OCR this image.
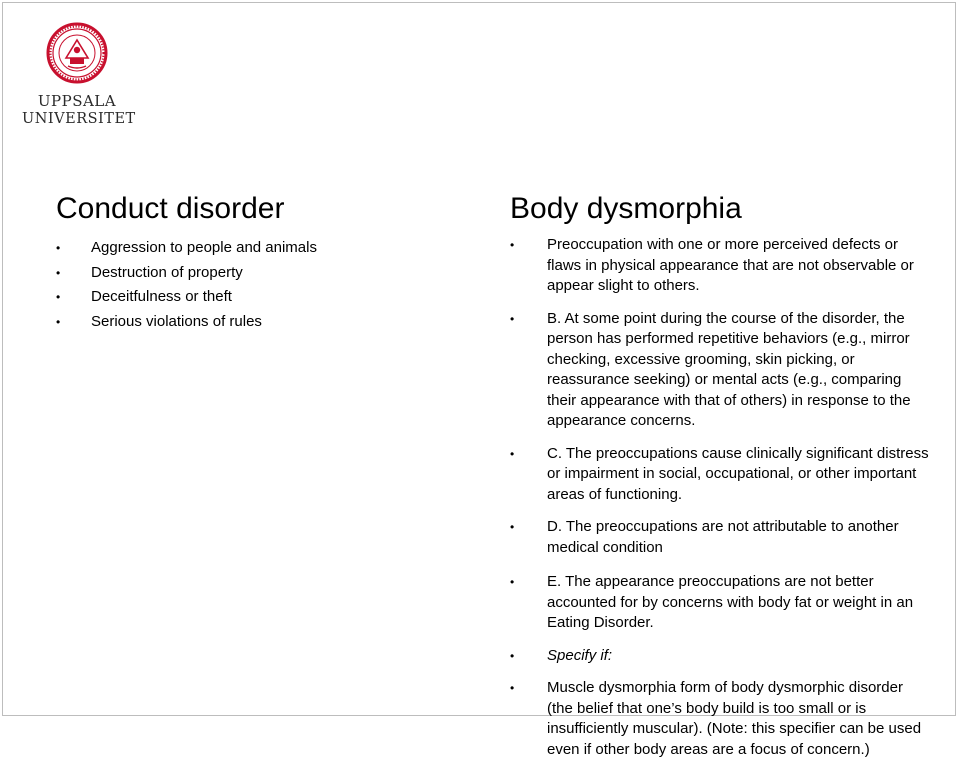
UPPSALA
UNIVERSITET
Conduct disorder
•
Aggression to people and animals
•
Destruction of property
•
Deceitfulness or theft
•
Serious violations of rules
Body dysmorphia
•
Preoccupation with one or more perceived defects or flaws in physical appearance that are not observable or appear slight to others.
•
B. At some point during the course of the disorder, the person has performed repetitive behaviors (e.g., mirror checking, excessive grooming, skin picking, or reassurance seeking) or mental acts (e.g., comparing their appearance with that of others) in response to the appearance concerns.
•
C. The preoccupations cause clinically significant distress or impairment in social, occupational, or other important areas of functioning.
•
D. The preoccupations are not attributable to another medical condition
•
E. The appearance preoccupations are not better accounted for by concerns with body fat or weight in an Eating Disorder.
•
Specify if:
•
Muscle dysmorphia form of body dysmorphic disorder (the belief that one’s body build is too small or is insufficiently muscular). (Note: this specifier can be used even if other body areas are a focus of concern.)
